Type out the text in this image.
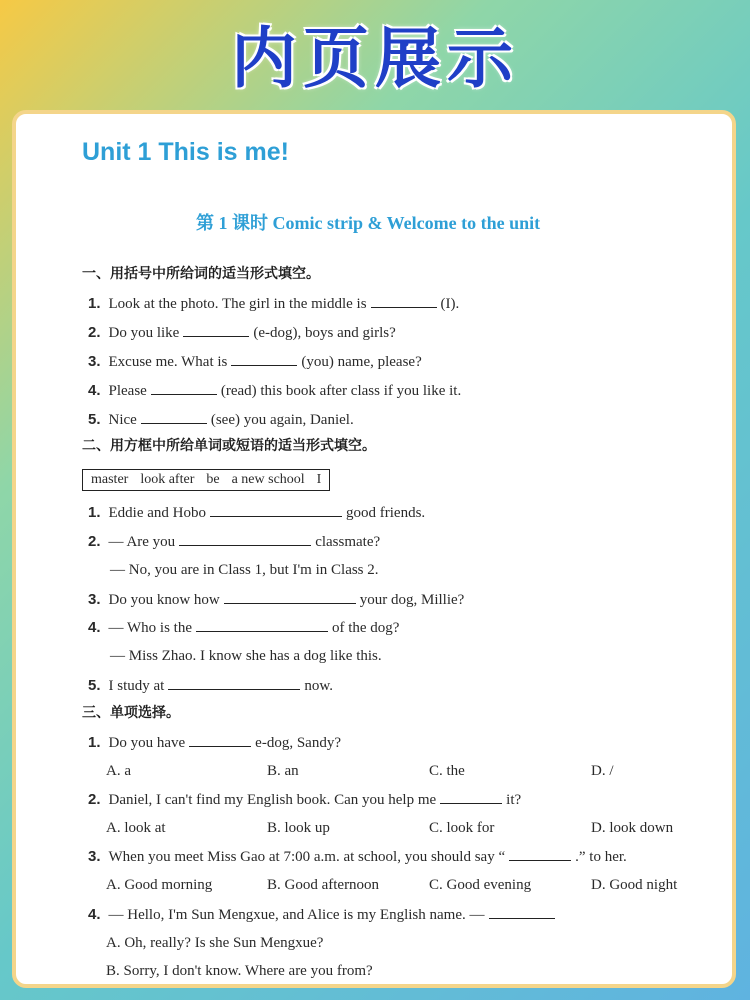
内页展示
Unit 1 This is me!
第 1 课时 Comic strip & Welcome to the unit
一、用括号中所给词的适当形式填空。
1. Look at the photo. The girl in the middle is	(I).
2. Do you like	(e-dog), boys and girls?
3. Excuse me. What is	(you) name, please?
4. Please	(read) this book after class if you like it.
5. Nice	(see) you again, Daniel.
二、用方框中所给单词或短语的适当形式填空。
master look after be a new school I
1. Eddie and Hobo	good friends.
2. — Are you	classmate?
— No, you are in Class 1, but I'm in Class 2.
3. Do you know how	your dog, Millie?
4. — Who is the	of the dog?
— Miss Zhao. I know she has a dog like this.
5. I study at	now.
三、单项选择。
1. Do you have	e-dog, Sandy?
A. a	B. an	C. the	D. /
2. Daniel, I can't find my English book. Can you help me	it?
A. look at	B. look up	C. look for	D. look down
3. When you meet Miss Gao at 7:00 a.m. at school, you should say “	.” to her.
A. Good morning	B. Good afternoon	C. Good evening	D. Good night
4. — Hello, I'm Sun Mengxue, and Alice is my English name. —
A. Oh, really? Is she Sun Mengxue?
B. Sorry, I don't know. Where are you from?
